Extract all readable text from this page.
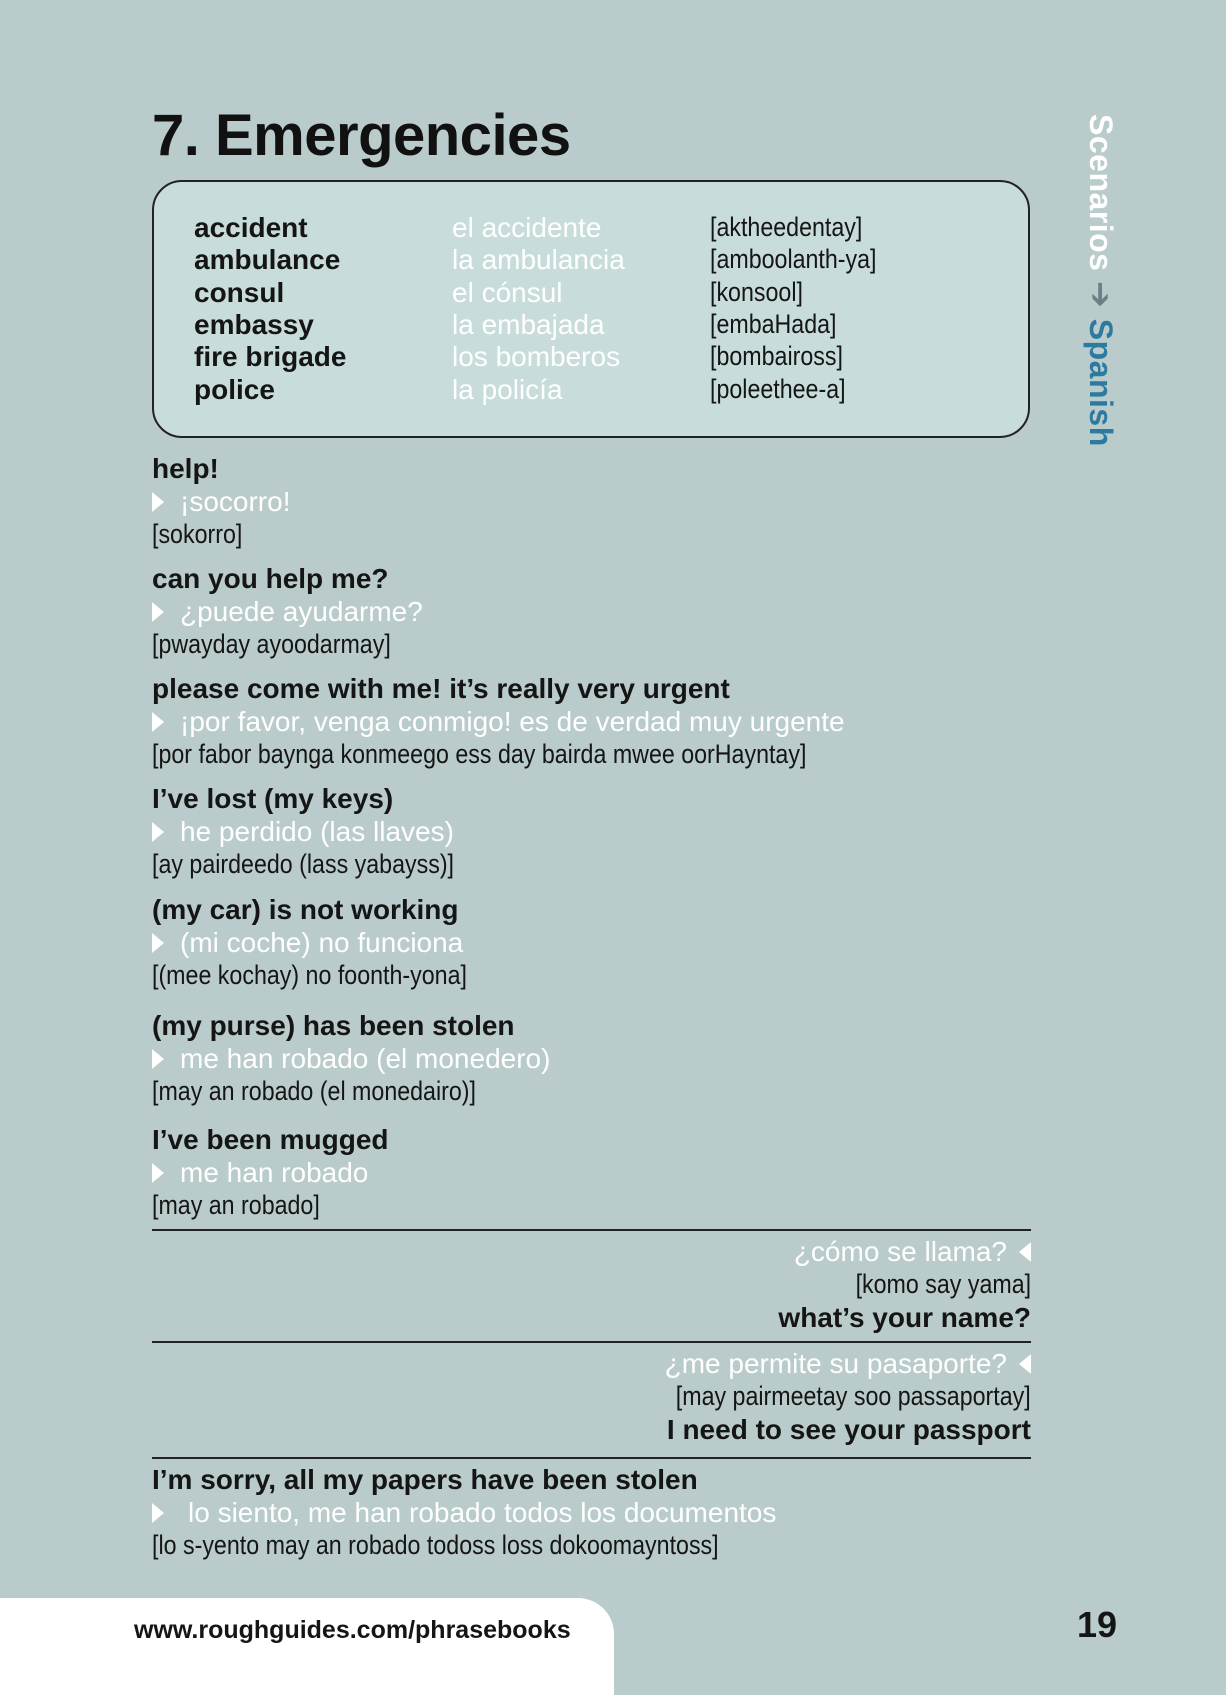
7. Emergencies	Scenarios➔Spanish
accident	el accidente	[aktheedentay]
ambulance	la ambulancia	[amboolanth-ya]
consul	el cónsul	[konsool]
embassy	la embajada	[embaHada]
fire brigade	los bomberos	[bombaiross]
police	la policía	[poleethee-a]
help!
¡socorro!
[sokorro]
can you help me?
¿puede ayudarme?
[pwayday ayoodarmay]
please come with me! it’s really very urgent
¡por favor, venga conmigo! es de verdad muy urgente
[por fabor baynga konmeego ess day bairda mwee oorHayntay]
I’ve lost (my keys)
he perdido (las llaves)
[ay pairdeedo (lass yabayss)]
(my car) is not working
(mi coche) no funciona
[(mee kochay) no foonth-yona]
(my purse) has been stolen
me han robado (el monedero)
[may an robado (el monedairo)]
I’ve been mugged
me han robado
[may an robado]
¿cómo se llama?
[komo say yama]
what’s your name?
¿me permite su pasaporte?
[may pairmeetay soo passaportay]
I need to see your passport
I’m sorry, all my papers have been stolen
lo siento, me han robado todos los documentos
[lo s-yento may an robado todoss loss dokoomayntoss]
www.roughguides.com/phrasebooks	19
